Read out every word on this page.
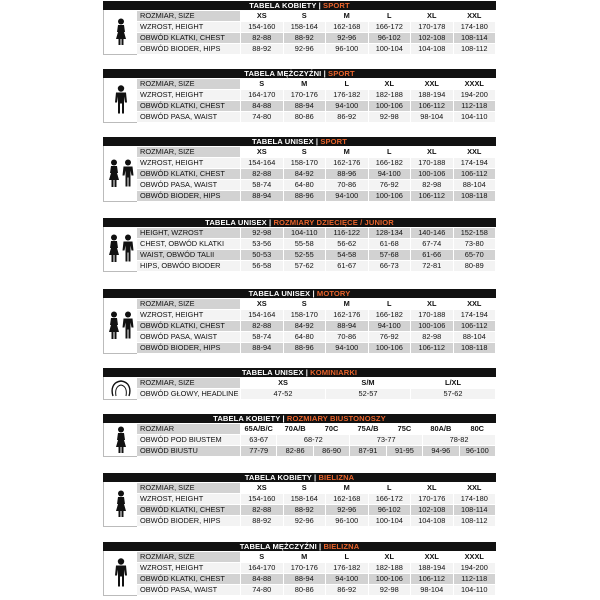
TABELA KOBIETY | SPORT
ROZMIAR, SIZE	XS	S	M	L	XL	XXL
WZROST, HEIGHT	154-160	158-164	162-168	166-172	170-178	174-180
OBWÓD KLATKI, CHEST	82-88	88-92	92-96	96-102	102-108	108-114
OBWÓD BIODER, HIPS	88-92	92-96	96-100	100-104	104-108	108-112
TABELA MĘŻCZYŹNI | SPORT
ROZMIAR, SIZE	S	M	L	XL	XXL	XXXL
WZROST, HEIGHT	164-170	170-176	176-182	182-188	188-194	194-200
OBWÓD KLATKI, CHEST	84-88	88-94	94-100	100-106	106-112	112-118
OBWÓD PASA, WAIST	74-80	80-86	86-92	92-98	98-104	104-110
TABELA UNISEX | SPORT
ROZMIAR, SIZE	XS	S	M	L	XL	XXL
WZROST, HEIGHT	154-164	158-170	162-176	166-182	170-188	174-194
OBWÓD KLATKI, CHEST	82-88	84-92	88-96	94-100	100-106	106-112
OBWÓD PASA, WAIST	58-74	64-80	70-86	76-92	82-98	88-104
OBWÓD BIODER, HIPS	88-94	88-96	94-100	100-106	106-112	108-118
TABELA UNISEX | ROZMIARY DZIECIĘCE / JUNIOR
HEIGHT, WZROST	92-98	104-110	116-122	128-134	140-146	152-158
CHEST, OBWÓD KLATKI	53-56	55-58	56-62	61-68	67-74	73-80
WAIST, OBWÓD TALII	50-53	52-55	54-58	57-68	61-66	65-70
HIPS, OBWÓD BIODER	56-58	57-62	61-67	66-73	72-81	80-89
TABELA UNISEX | MOTORY
ROZMIAR, SIZE	XS	S	M	L	XL	XXL
WZROST, HEIGHT	154-164	158-170	162-176	166-182	170-188	174-194
OBWÓD KLATKI, CHEST	82-88	84-92	88-94	94-100	100-106	106-112
OBWÓD PASA, WAIST	58-74	64-80	70-86	76-92	82-98	88-104
OBWÓD BIODER, HIPS	88-94	88-96	94-100	100-106	106-112	108-118
TABELA UNISEX | KOMINIARKI
ROZMIAR, SIZE	XS	S/M	L/XL
OBWÓD GŁOWY, HEADLINE	47-52	52-57	57-62
TABELA KOBIETY | ROZMIARY BIUSTONOSZY
ROZMIAR	65A/B/C	70A/B	70C	75A/B	75C	80A/B	80C
OBWÓD POD BIUSTEM	63-67	68-72	73-77	78-82
OBWÓD BIUSTU	77-79	82-86	86-90	87-91	91-95	94-96	96-100
TABELA KOBIETY | BIELIZNA
ROZMIAR, SIZE	XS	S	M	L	XL	XXL
WZROST, HEIGHT	154-160	158-164	162-168	166-172	170-176	174-180
OBWÓD KLATKI, CHEST	82-88	88-92	92-96	96-102	102-108	108-114
OBWÓD BIODER, HIPS	88-92	92-96	96-100	100-104	104-108	108-112
TABELA MĘŻCZYŹNI | BIELIZNA
ROZMIAR, SIZE	S	M	L	XL	XXL	XXXL
WZROST, HEIGHT	164-170	170-176	176-182	182-188	188-194	194-200
OBWÓD KLATKI, CHEST	84-88	88-94	94-100	100-106	106-112	112-118
OBWÓD PASA, WAIST	74-80	80-86	86-92	92-98	98-104	104-110
